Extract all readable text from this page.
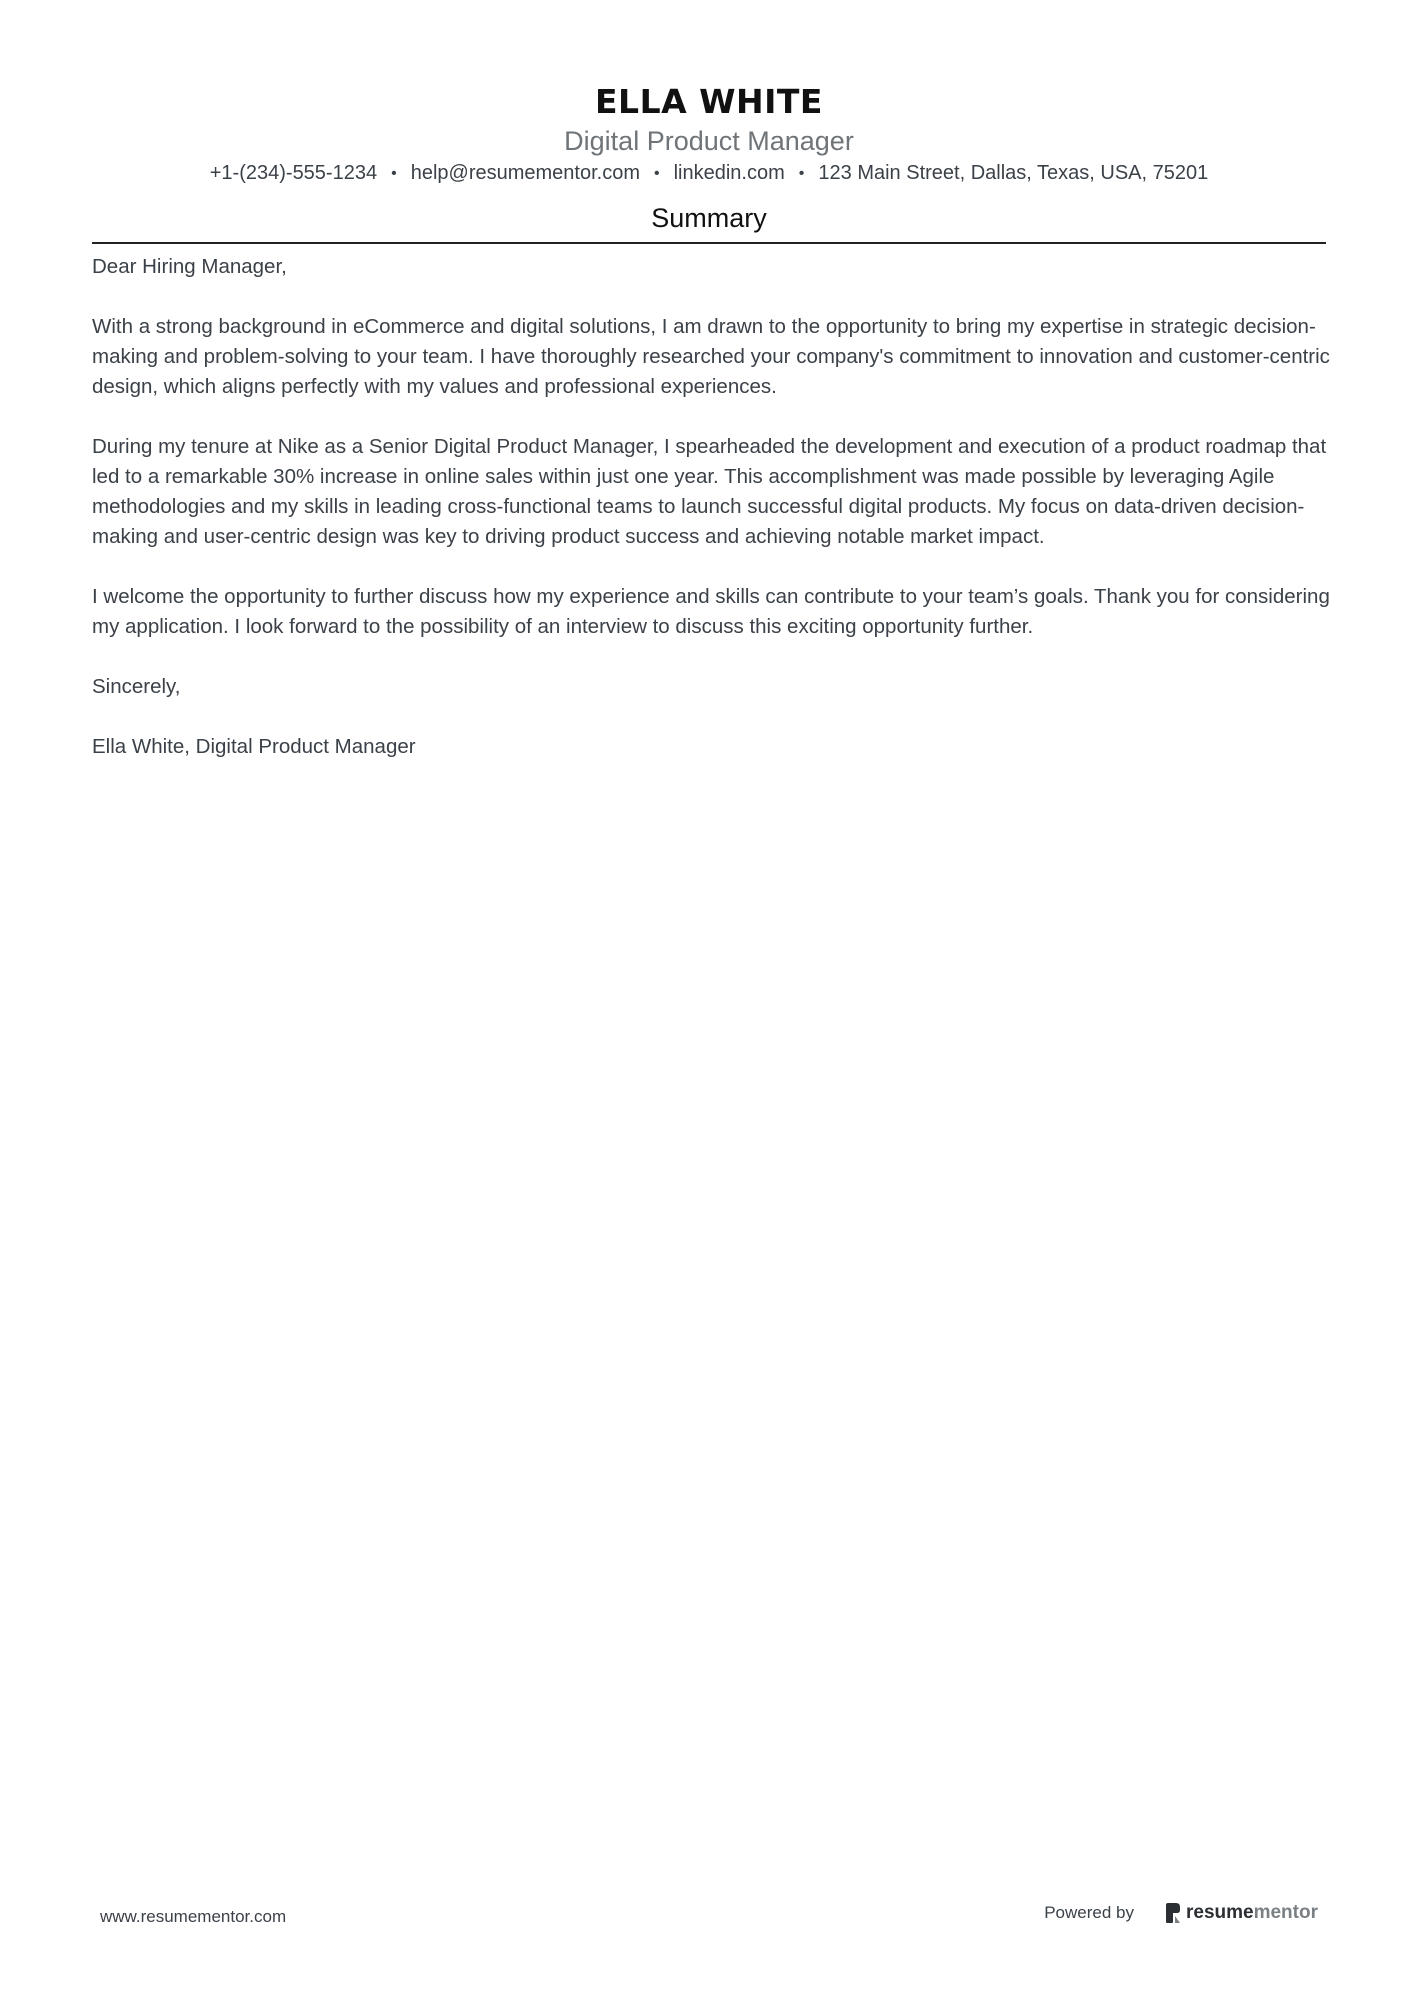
ELLA WHITE
Digital Product Manager
+1-(234)-555-1234 • help@resumementor.com • linkedin.com • 123 Main Street, Dallas, Texas, USA, 75201
Summary

Dear Hiring Manager,

With a strong background in eCommerce and digital solutions, I am drawn to the opportunity to bring my expertise in strategic decision-making and problem-solving to your team. I have thoroughly researched your company's commitment to innovation and customer-centric design, which aligns perfectly with my values and professional experiences.

During my tenure at Nike as a Senior Digital Product Manager, I spearheaded the development and execution of a product roadmap that led to a remarkable 30% increase in online sales within just one year. This accomplishment was made possible by leveraging Agile methodologies and my skills in leading cross-functional teams to launch successful digital products. My focus on data-driven decision-making and user-centric design was key to driving product success and achieving notable market impact.

I welcome the opportunity to further discuss how my experience and skills can contribute to your team’s goals. Thank you for considering my application. I look forward to the possibility of an interview to discuss this exciting opportunity further.

Sincerely,

Ella White, Digital Product Manager

www.resumementor.com	Powered by	resume mentor
